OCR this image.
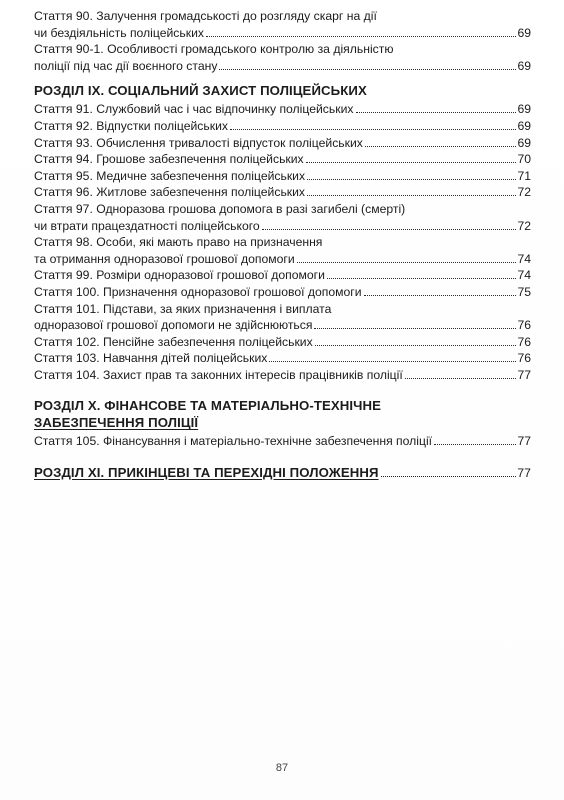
Стаття 90. Залучення громадськості до розгляду скарг на дії
чи бездіяльність поліцейських	69
Стаття 90-1. Особливості громадського контролю за діяльністю
поліції під час дії воєнного стану	69
РОЗДІЛ IX. СОЦІАЛЬНИЙ ЗАХИСТ ПОЛІЦЕЙСЬКИХ
Стаття 91. Службовий час і час відпочинку поліцейських	69
Стаття 92. Відпустки поліцейських	69
Стаття 93. Обчислення тривалості відпусток поліцейських	69
Стаття 94. Грошове забезпечення поліцейських	70
Стаття 95. Медичне забезпечення поліцейських	71
Стаття 96. Житлове забезпечення поліцейських	72
Стаття 97. Одноразова грошова допомога в разі загибелі (смерті)
чи втрати працездатності поліцейського	72
Стаття 98. Особи, які мають право на призначення
та отримання одноразової грошової допомоги	74
Стаття 99. Розміри одноразової грошової допомоги	74
Стаття 100. Призначення одноразової грошової допомоги	75
Стаття 101. Підстави, за яких призначення і виплата
одноразової грошової допомоги не здійснюються	76
Стаття 102. Пенсійне забезпечення поліцейських	76
Стаття 103. Навчання дітей поліцейських	76
Стаття 104. Захист прав та законних інтересів працівників поліції	77
РОЗДІЛ X. ФІНАНСОВЕ ТА МАТЕРІАЛЬНО-ТЕХНІЧНЕ
ЗАБЕЗПЕЧЕННЯ ПОЛІЦІЇ
Стаття 105. Фінансування і матеріально-технічне забезпечення поліції	77
РОЗДІЛ XI. ПРИКІНЦЕВІ ТА ПЕРЕХІДНІ ПОЛОЖЕННЯ	77
87
